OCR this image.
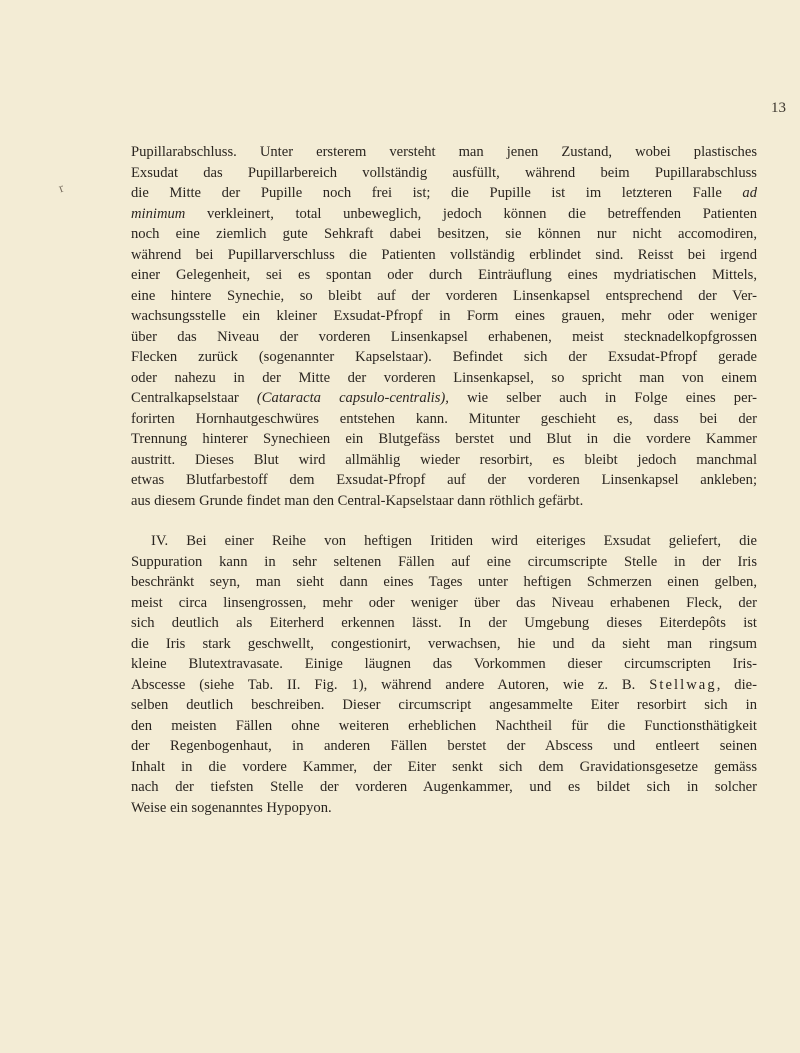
13
r
Pupillarabschluss. Unter ersterem versteht man jenen Zustand, wobei plastisches
Exsudat das Pupillarbereich vollständig ausfüllt, während beim Pupillarabschluss
die Mitte der Pupille noch frei ist; die Pupille ist im letzteren Falle ad
minimum verkleinert, total unbeweglich, jedoch können die betreffenden Patienten
noch eine ziemlich gute Sehkraft dabei besitzen, sie können nur nicht accomodiren,
während bei Pupillarverschluss die Patienten vollständig erblindet sind. Reisst bei irgend
einer Gelegenheit, sei es spontan oder durch Einträuflung eines mydriatischen Mittels,
eine hintere Synechie, so bleibt auf der vorderen Linsenkapsel entsprechend der Ver-
wachsungsstelle ein kleiner Exsudat-Pfropf in Form eines grauen, mehr oder weniger
über das Niveau der vorderen Linsenkapsel erhabenen, meist stecknadelkopfgrossen
Flecken zurück (sogenannter Kapselstaar). Befindet sich der Exsudat-Pfropf gerade
oder nahezu in der Mitte der vorderen Linsenkapsel, so spricht man von einem
Centralkapselstaar (Cataracta capsulo-centralis), wie selber auch in Folge eines per-
forirten Hornhautgeschwüres entstehen kann. Mitunter geschieht es, dass bei der
Trennung hinterer Synechieen ein Blutgefäss berstet und Blut in die vordere Kammer
austritt. Dieses Blut wird allmählig wieder resorbirt, es bleibt jedoch manchmal
etwas Blutfarbestoff dem Exsudat-Pfropf auf der vorderen Linsenkapsel ankleben;
aus diesem Grunde findet man den Central-Kapselstaar dann röthlich gefärbt.
IV. Bei einer Reihe von heftigen Iritiden wird eiteriges Exsudat geliefert, die
Suppuration kann in sehr seltenen Fällen auf eine circumscripte Stelle in der Iris
beschränkt seyn, man sieht dann eines Tages unter heftigen Schmerzen einen gelben,
meist circa linsengrossen, mehr oder weniger über das Niveau erhabenen Fleck, der
sich deutlich als Eiterherd erkennen lässt. In der Umgebung dieses Eiterdepôts ist
die Iris stark geschwellt, congestionirt, verwachsen, hie und da sieht man ringsum
kleine Blutextravasate. Einige läugnen das Vorkommen dieser circumscripten Iris-
Abscesse (siehe Tab. II. Fig. 1), während andere Autoren, wie z. B. Stellwag, die-
selben deutlich beschreiben. Dieser circumscript angesammelte Eiter resorbirt sich in
den meisten Fällen ohne weiteren erheblichen Nachtheil für die Functionsthätigkeit
der Regenbogenhaut, in anderen Fällen berstet der Abscess und entleert seinen
Inhalt in die vordere Kammer, der Eiter senkt sich dem Gravidationsgesetze gemäss
nach der tiefsten Stelle der vorderen Augenkammer, und es bildet sich in solcher
Weise ein sogenanntes Hypopyon.
